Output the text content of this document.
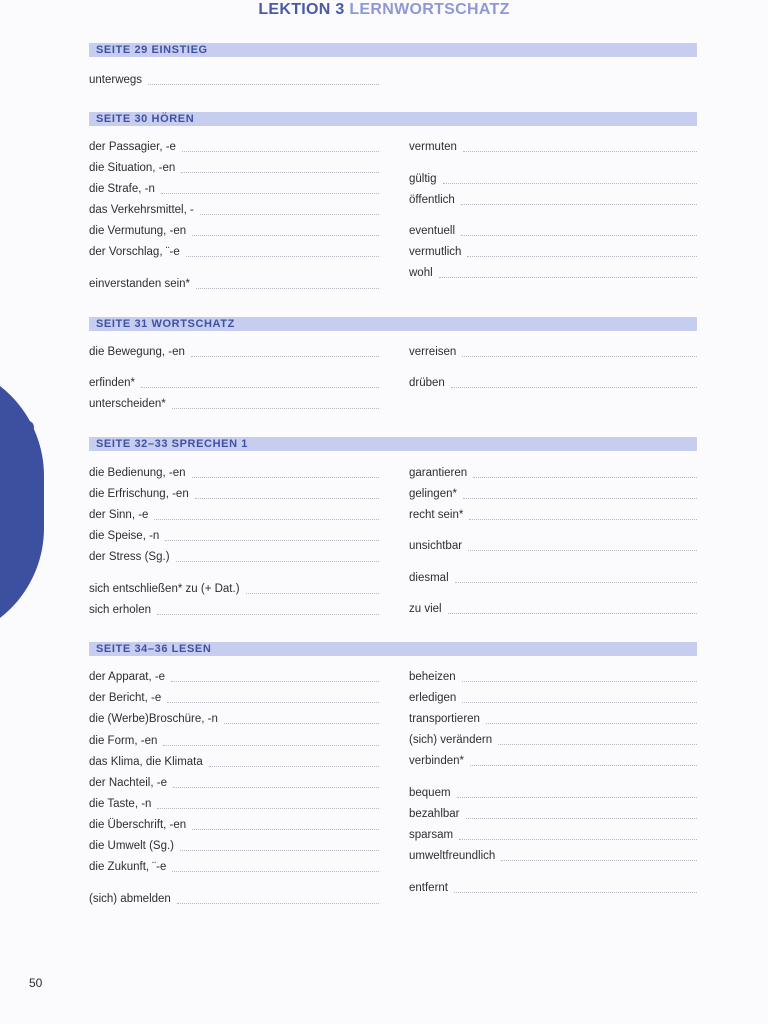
LEKTION 3 LERNWORTSCHATZ
3
SEITE 29 EINSTIEG
unterwegs
SEITE 30 HÖREN
der Passagier, -e
die Situation, -en
die Strafe, -n
das Verkehrsmittel, -
die Vermutung, -en
der Vorschlag, ¨-e
einverstanden sein*
vermuten
gültig
öffentlich
eventuell
vermutlich
wohl
SEITE 31 WORTSCHATZ
die Bewegung, -en
erfinden*
unterscheiden*
verreisen
drüben
SEITE 32–33 SPRECHEN 1
die Bedienung, -en
die Erfrischung, -en
der Sinn, -e
die Speise, -n
der Stress (Sg.)
sich entschließen* zu (+ Dat.)
sich erholen
garantieren
gelingen*
recht sein*
unsichtbar
diesmal
zu viel
SEITE 34–36 LESEN
der Apparat, -e
der Bericht, -e
die (Werbe)Broschüre, -n
die Form, -en
das Klima, die Klimata
der Nachteil, -e
die Taste, -n
die Überschrift, -en
die Umwelt (Sg.)
die Zukunft, ¨-e
(sich) abmelden
beheizen
erledigen
transportieren
(sich) verändern
verbinden*
bequem
bezahlbar
sparsam
umweltfreundlich
entfernt
50
